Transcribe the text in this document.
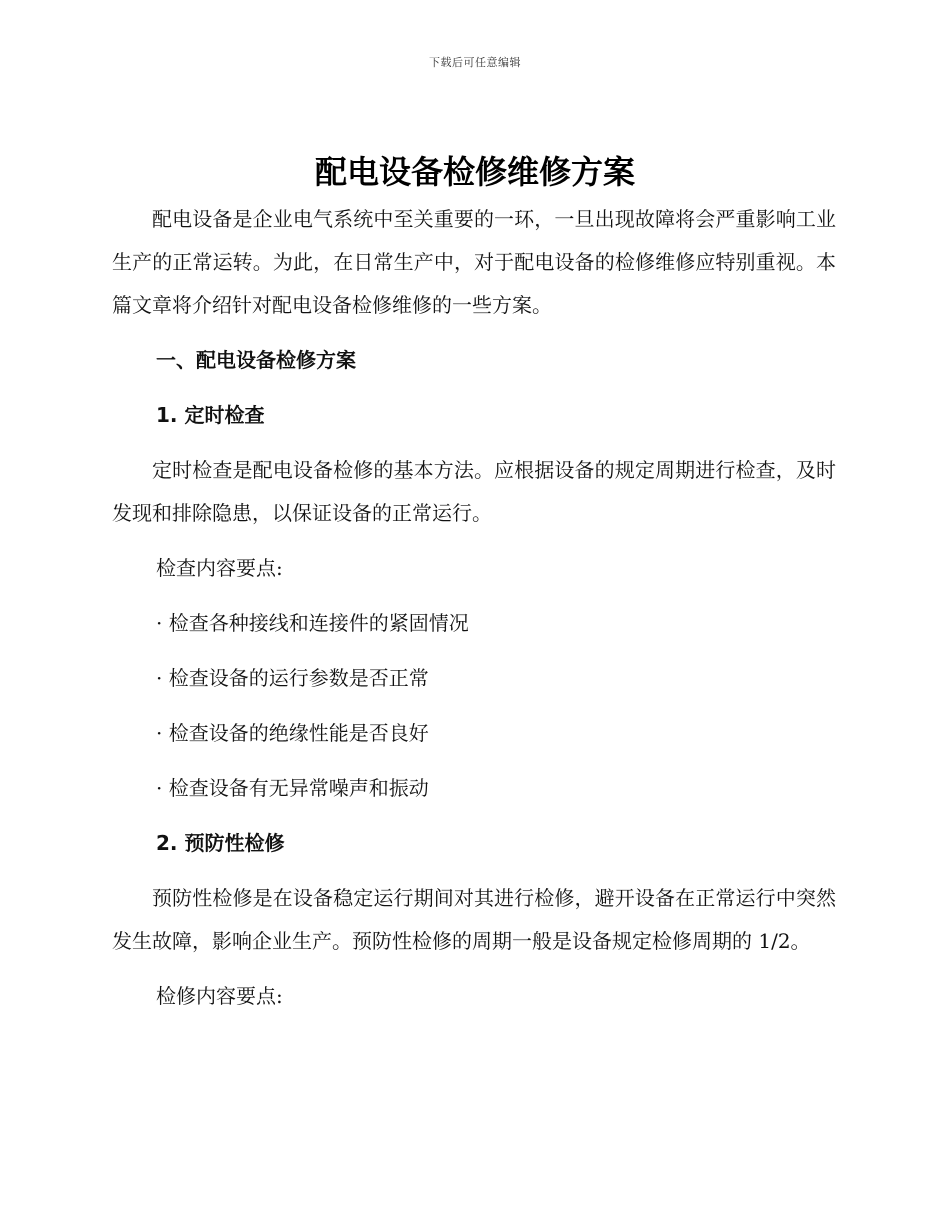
下载后可任意编辑
配电设备检修维修方案

配电设备是企业电气系统中至关重要的一环，一旦出现故障将会严重影响工业生产的正常运转。为此，在日常生产中，对于配电设备的检修维修应特别重视。本篇文章将介绍针对配电设备检修维修的一些方案。

一、配电设备检修方案
1. 定时检查

定时检查是配电设备检修的基本方法。应根据设备的规定周期进行检查，及时发现和排除隐患，以保证设备的正常运行。

检查内容要点:
· 检查各种接线和连接件的紧固情况
· 检查设备的运行参数是否正常
· 检查设备的绝缘性能是否良好
· 检查设备有无异常噪声和振动
2. 预防性检修

预防性检修是在设备稳定运行期间对其进行检修，避开设备在正常运行中突然发生故障，影响企业生产。预防性检修的周期一般是设备规定检修周期的 1/2。

检修内容要点:
